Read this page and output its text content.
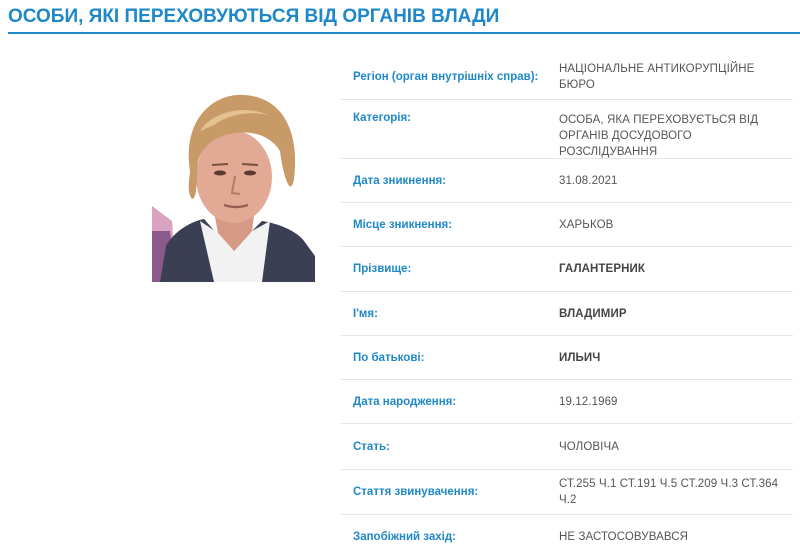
ОСОБИ, ЯКІ ПЕРЕХОВУЮТЬСЯ ВІД ОРГАНІВ ВЛАДИ
Регіон (орган внутрішніх справ):
НАЦІОНАЛЬНЕ АНТИКОРУПЦІЙНЕ БЮРО
Категорія:	ОСОБА, ЯКА ПЕРЕХОВУЄТЬСЯ ВІД ОРГАНІВ ДОСУДОВОГО РОЗСЛІДУВАННЯ
Дата зникнення:	31.08.2021
Місце зникнення:	ХАРЬКОВ
Прізвище:	ГАЛАНТЕРНИК
І'мя:	ВЛАДИМИР
По батькові:	ИЛЬИЧ
Дата народження:	19.12.1969
Стать:	ЧОЛОВІЧА
Стаття звинувачення:
СТ.255 Ч.1 СТ.191 Ч.5 СТ.209 Ч.3 СТ.364 Ч.2
Запобіжний захід:	НЕ ЗАСТОСОВУВАВСЯ
